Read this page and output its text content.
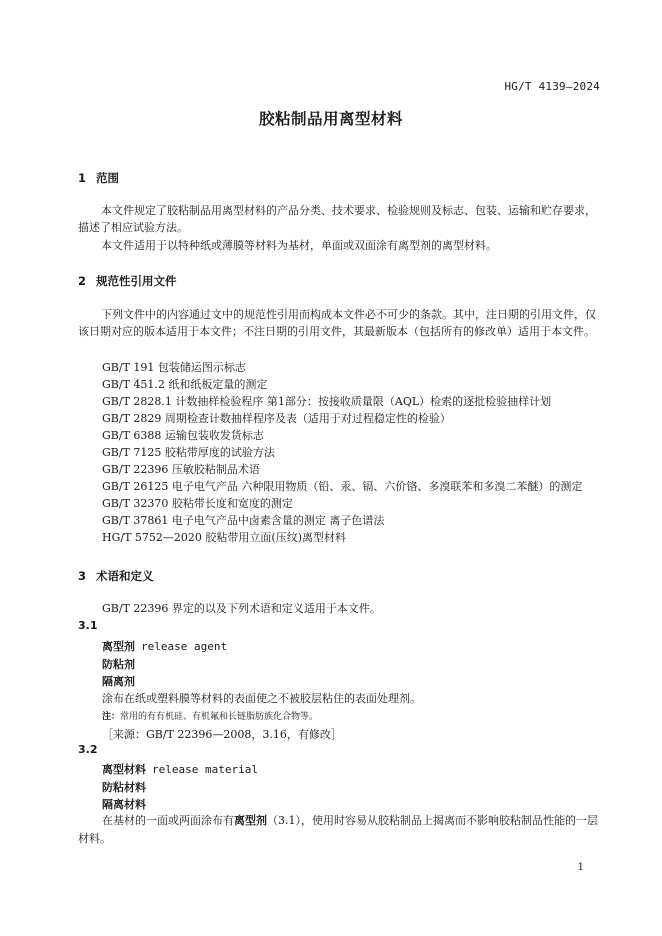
HG/T 4139—2024
胶粘制品用离型材料
1 范围
本文件规定了胶粘制品用离型材料的产品分类、技术要求、检验规则及标志、包装、运输和贮存要求，描述了相应试验方法。
本文件适用于以特种纸或薄膜等材料为基材，单面或双面涂有离型剂的离型材料。
2 规范性引用文件
下列文件中的内容通过文中的规范性引用而构成本文件必不可少的条款。其中，注日期的引用文件，仅该日期对应的版本适用于本文件；不注日期的引用文件，其最新版本（包括所有的修改单）适用于本文件。
GB/T 191 包装储运图示标志
GB/T 451.2 纸和纸板定量的测定
GB/T 2828.1 计数抽样检验程序 第1部分：按接收质量限（AQL）检索的逐批检验抽样计划
GB/T 2829 周期检查计数抽样程序及表（适用于对过程稳定性的检验）
GB/T 6388 运输包装收发货标志
GB/T 7125 胶粘带厚度的试验方法
GB/T 22396 压敏胶粘制品术语
GB/T 26125 电子电气产品 六种限用物质（铅、汞、镉、六价铬、多溴联苯和多溴二苯醚）的测定
GB/T 32370 胶粘带长度和宽度的测定
GB/T 37861 电子电气产品中卤素含量的测定 离子色谱法
HG/T 5752—2020 胶粘带用立面(压纹)离型材料
3 术语和定义
GB/T 22396 界定的以及下列术语和定义适用于本文件。
3.1
离型剂 release agent
防粘剂
隔离剂
涂布在纸或塑料膜等材料的表面使之不被胶层粘住的表面处理剂。
注：常用的有有机硅、有机氟和长链脂肪族化合物等。
［来源：GB/T 22396—2008，3.16，有修改］
3.2
离型材料 release material
防粘材料
隔离材料
在基材的一面或两面涂布有离型剂（3.1），使用时容易从胶粘制品上揭离而不影响胶粘制品性能的一层材料。
1
